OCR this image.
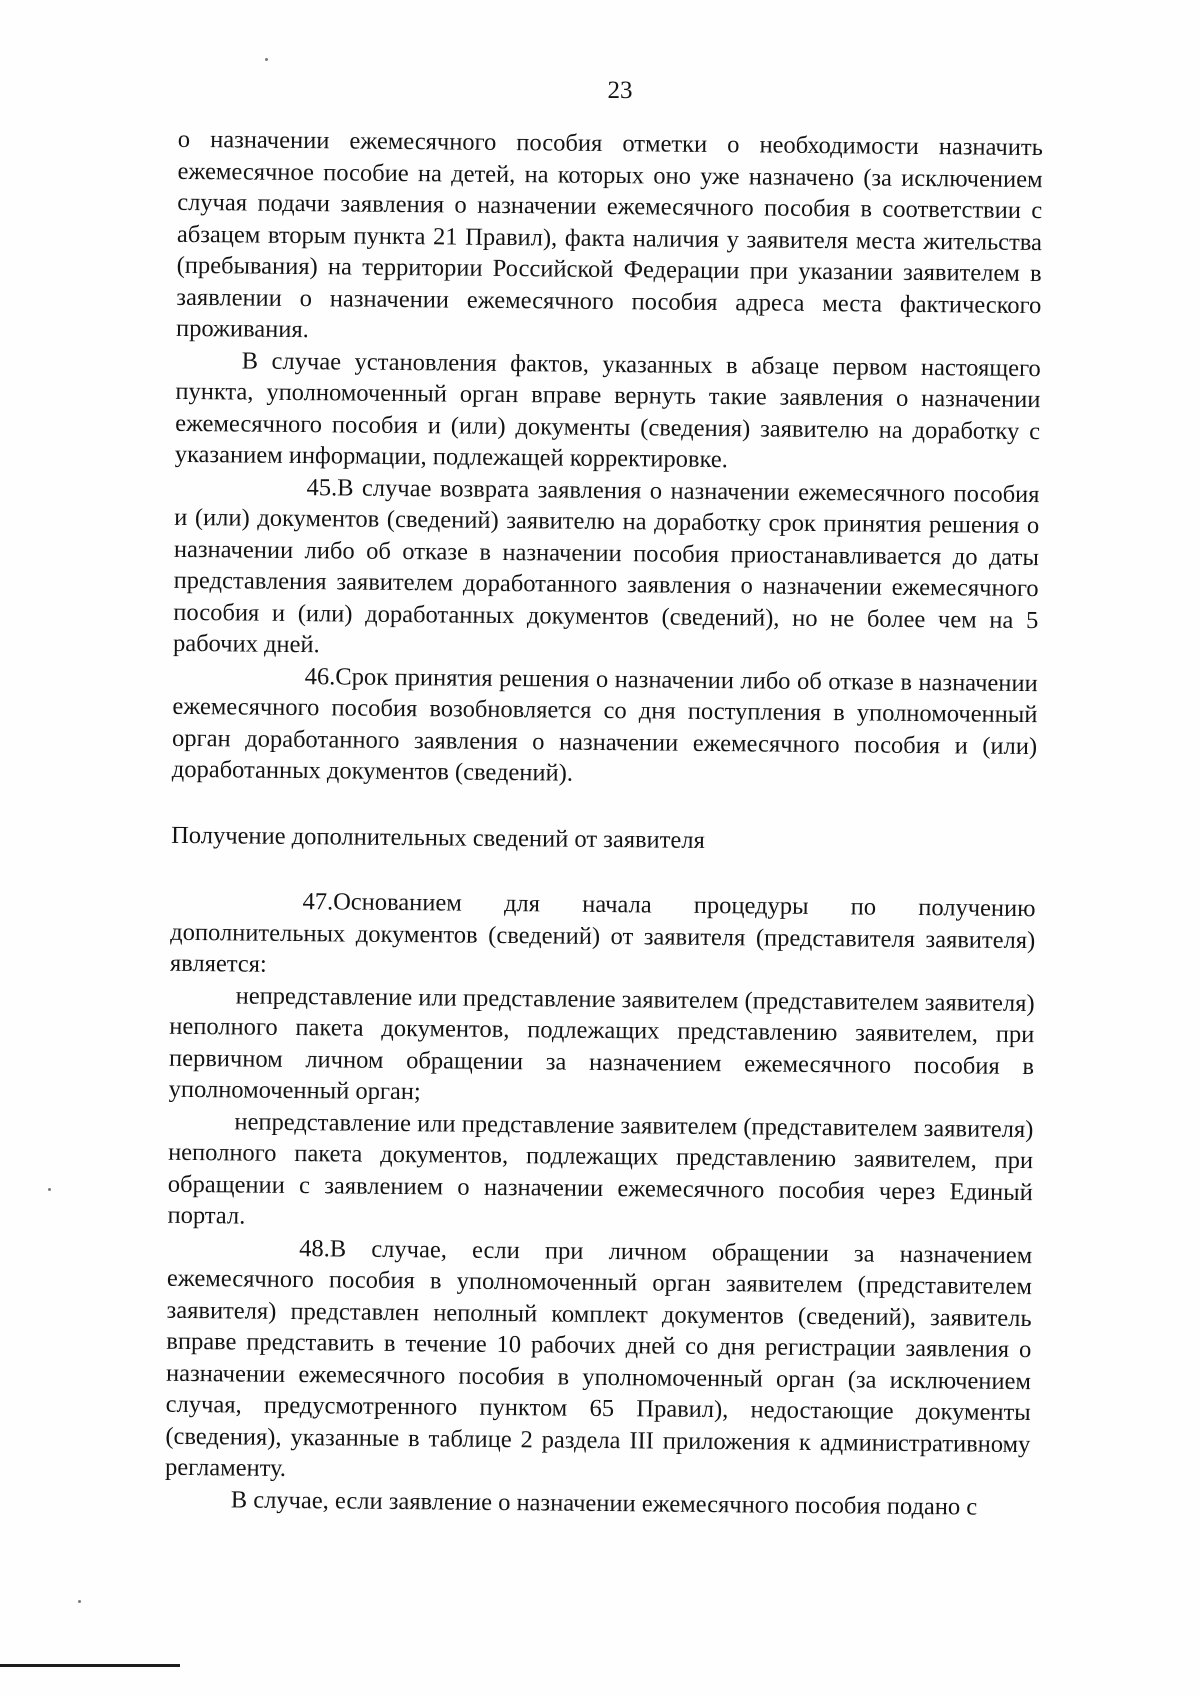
23

о назначении ежемесячного пособия отметки о необходимости назначить ежемесячное пособие на детей, на которых оно уже назначено (за исключением случая подачи заявления о назначении ежемесячного пособия в соответствии с абзацем вторым пункта 21 Правил), факта наличия у заявителя места жительства (пребывания) на территории Российской Федерации при указании заявителем в заявлении о назначении ежемесячного пособия адреса места фактического проживания.

В случае установления фактов, указанных в абзаце первом настоящего пункта, уполномоченный орган вправе вернуть такие заявления о назначении ежемесячного пособия и (или) документы (сведения) заявителю на доработку с указанием информации, подлежащей корректировке.

45.В случае возврата заявления о назначении ежемесячного пособия и (или) документов (сведений) заявителю на доработку срок принятия решения о назначении либо об отказе в назначении пособия приостанавливается до даты представления заявителем доработанного заявления о назначении ежемесячного пособия и (или) доработанных документов (сведений), но не более чем на 5 рабочих дней.

46.Срок принятия решения о назначении либо об отказе в назначении ежемесячного пособия возобновляется со дня поступления в уполномоченный орган доработанного заявления о назначении ежемесячного пособия и (или) доработанных документов (сведений).

Получение дополнительных сведений от заявителя

47.Основанием для начала процедуры по получению дополнительных документов (сведений) от заявителя (представителя заявителя) является:

непредставление или представление заявителем (представителем заявителя) неполного пакета документов, подлежащих представлению заявителем, при первичном личном обращении за назначением ежемесячного пособия в уполномоченный орган;

непредставление или представление заявителем (представителем заявителя) неполного пакета документов, подлежащих представлению заявителем, при обращении с заявлением о назначении ежемесячного пособия через Единый портал.

48.В случае, если при личном обращении за назначением ежемесячного пособия в уполномоченный орган заявителем (представителем заявителя) представлен неполный комплект документов (сведений), заявитель вправе представить в течение 10 рабочих дней со дня регистрации заявления о назначении ежемесячного пособия в уполномоченный орган (за исключением случая, предусмотренного пунктом 65 Правил), недостающие документы (сведения), указанные в таблице 2 раздела III приложения к административному регламенту.

В случае, если заявление о назначении ежемесячного пособия подано с
